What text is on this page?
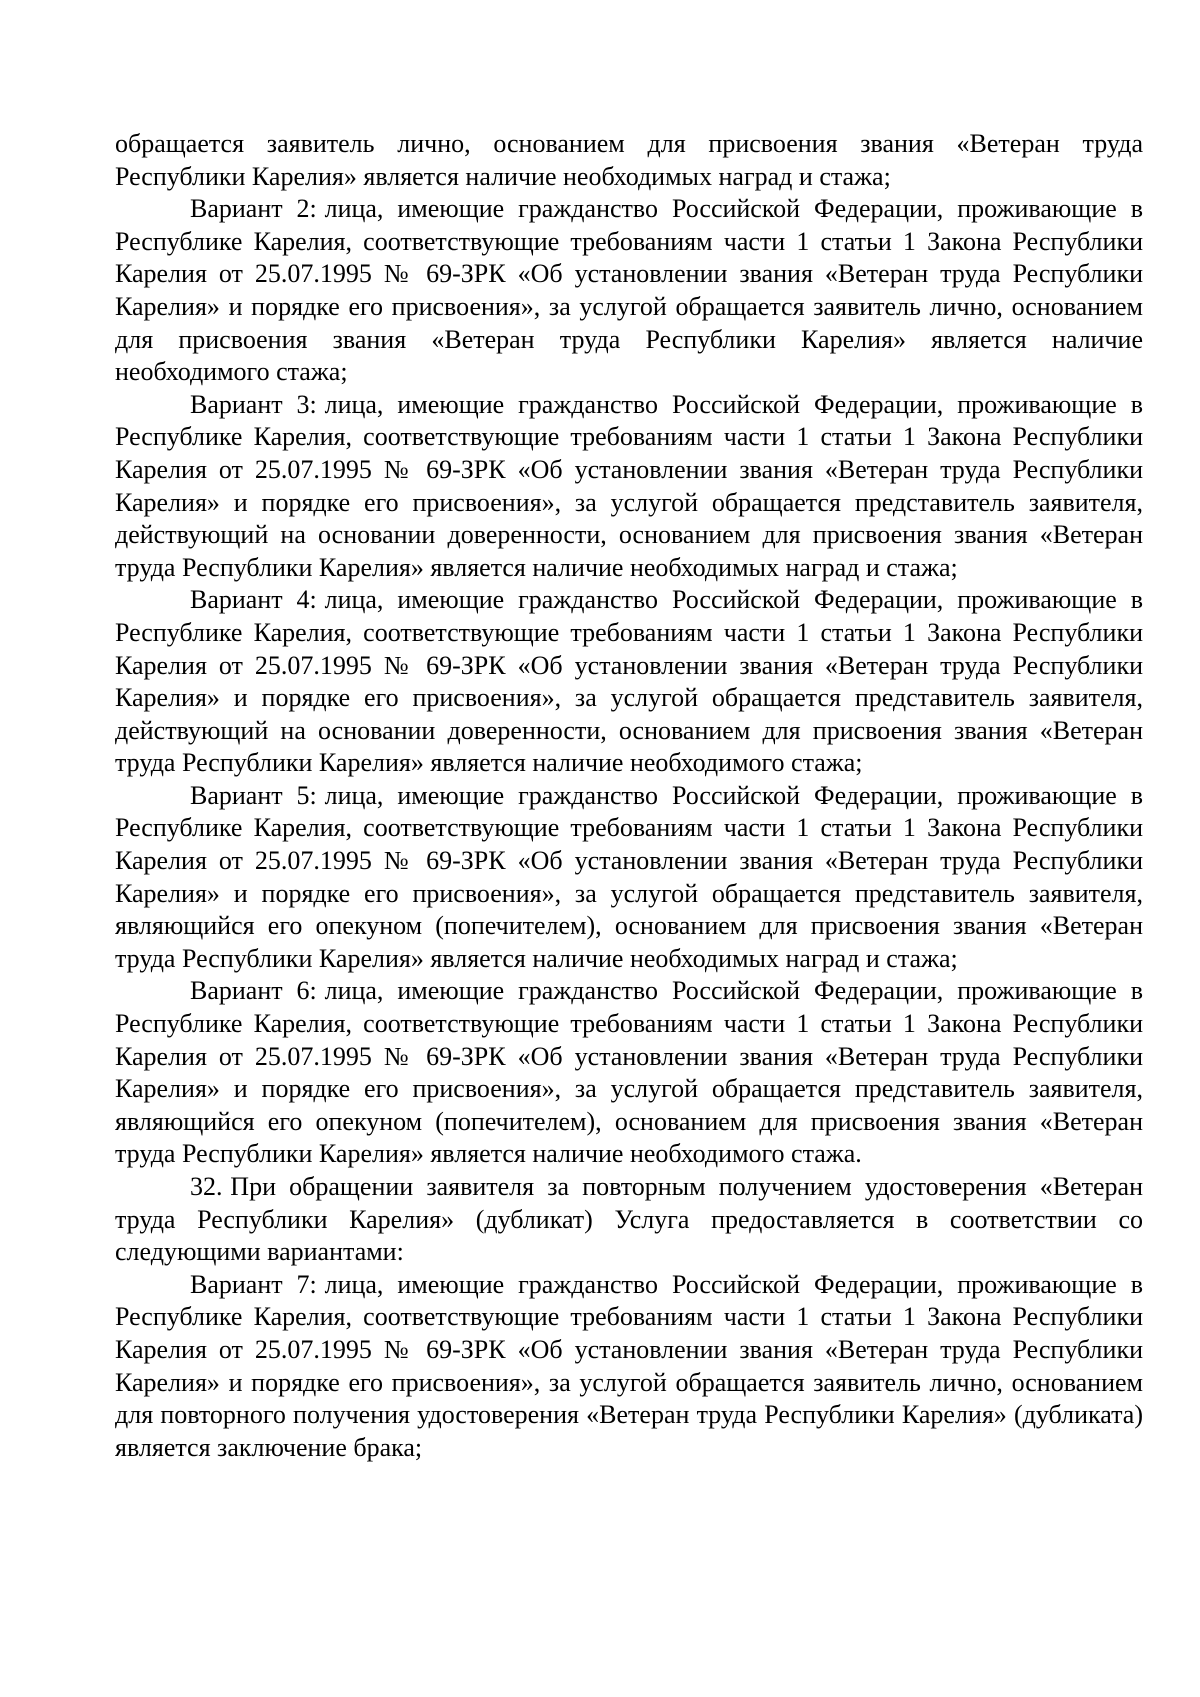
обращается заявитель лично, основанием для присвоения звания «Ветеран труда Республики Карелия» является наличие необходимых наград и стажа;

Вариант 2: лица, имеющие гражданство Российской Федерации, проживающие в Республике Карелия, соответствующие требованиям части 1 статьи 1 Закона Республики Карелия от 25.07.1995 № 69-ЗРК «Об установлении звания «Ветеран труда Республики Карелия» и порядке его присвоения», за услугой обращается заявитель лично, основанием для присвоения звания «Ветеран труда Республики Карелия» является наличие необходимого стажа;

Вариант 3: лица, имеющие гражданство Российской Федерации, проживающие в Республике Карелия, соответствующие требованиям части 1 статьи 1 Закона Республики Карелия от 25.07.1995 № 69-ЗРК «Об установлении звания «Ветеран труда Республики Карелия» и порядке его присвоения», за услугой обращается представитель заявителя, действующий на основании доверенности, основанием для присвоения звания «Ветеран труда Республики Карелия» является наличие необходимых наград и стажа;

Вариант 4: лица, имеющие гражданство Российской Федерации, проживающие в Республике Карелия, соответствующие требованиям части 1 статьи 1 Закона Республики Карелия от 25.07.1995 № 69-ЗРК «Об установлении звания «Ветеран труда Республики Карелия» и порядке его присвоения», за услугой обращается представитель заявителя, действующий на основании доверенности, основанием для присвоения звания «Ветеран труда Республики Карелия» является наличие необходимого стажа;

Вариант 5: лица, имеющие гражданство Российской Федерации, проживающие в Республике Карелия, соответствующие требованиям части 1 статьи 1 Закона Республики Карелия от 25.07.1995 № 69-ЗРК «Об установлении звания «Ветеран труда Республики Карелия» и порядке его присвоения», за услугой обращается представитель заявителя, являющийся его опекуном (попечителем), основанием для присвоения звания «Ветеран труда Республики Карелия» является наличие необходимых наград и стажа;

Вариант 6: лица, имеющие гражданство Российской Федерации, проживающие в Республике Карелия, соответствующие требованиям части 1 статьи 1 Закона Республики Карелия от 25.07.1995 № 69-ЗРК «Об установлении звания «Ветеран труда Республики Карелия» и порядке его присвоения», за услугой обращается представитель заявителя, являющийся его опекуном (попечителем), основанием для присвоения звания «Ветеран труда Республики Карелия» является наличие необходимого стажа.

32. При обращении заявителя за повторным получением удостоверения «Ветеран труда Республики Карелия» (дубликат) Услуга предоставляется в соответствии со следующими вариантами:

Вариант 7: лица, имеющие гражданство Российской Федерации, проживающие в Республике Карелия, соответствующие требованиям части 1 статьи 1 Закона Республики Карелия от 25.07.1995 № 69-ЗРК «Об установлении звания «Ветеран труда Республики Карелия» и порядке его присвоения», за услугой обращается заявитель лично, основанием для повторного получения удостоверения «Ветеран труда Республики Карелия» (дубликата) является заключение брака;
